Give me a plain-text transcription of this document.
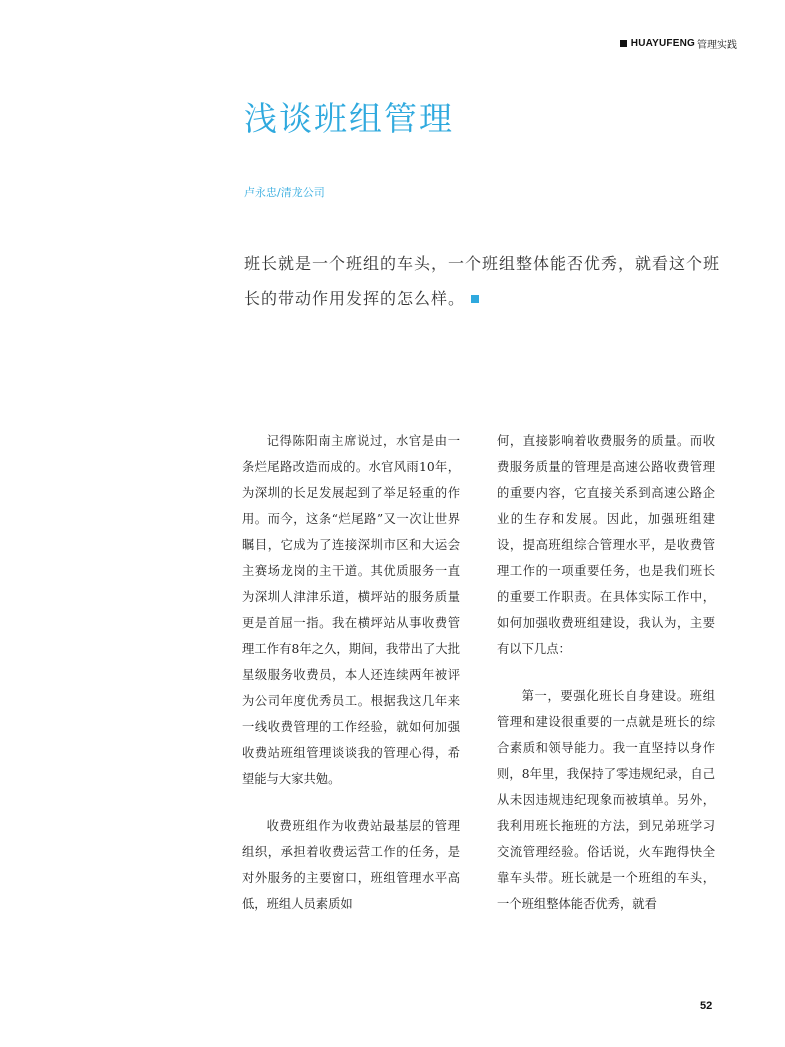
HUAYUFENG 管理实践
浅谈班组管理
卢永忠/清龙公司
班长就是一个班组的车头，一个班组整体能否优秀，就看这个班长的带动作用发挥的怎么样。

记得陈阳南主席说过，水官是由一条烂尾路改造而成的。水官风雨10年，为深圳的长足发展起到了举足轻重的作用。而今，这条“烂尾路”又一次让世界瞩目，它成为了连接深圳市区和大运会主赛场龙岗的主干道。其优质服务一直为深圳人津津乐道，横坪站的服务质量更是首屈一指。我在横坪站从事收费管理工作有8年之久，期间，我带出了大批星级服务收费员，本人还连续两年被评为公司年度优秀员工。根据我这几年来一线收费管理的工作经验，就如何加强收费站班组管理谈谈我的管理心得，希望能与大家共勉。

收费班组作为收费站最基层的管理组织，承担着收费运营工作的任务，是对外服务的主要窗口，班组管理水平高低，班组人员素质如

何，直接影响着收费服务的质量。而收费服务质量的管理是高速公路收费管理的重要内容，它直接关系到高速公路企业的生存和发展。因此，加强班组建设，提高班组综合管理水平，是收费管理工作的一项重要任务，也是我们班长的重要工作职责。在具体实际工作中，如何加强收费班组建设，我认为，主要有以下几点：

第一，要强化班长自身建设。班组管理和建设很重要的一点就是班长的综合素质和领导能力。我一直坚持以身作则，8年里，我保持了零违规纪录，自己从未因违规违纪现象而被填单。另外，我利用班长拖班的方法，到兄弟班学习交流管理经验。俗话说，火车跑得快全靠车头带。班长就是一个班组的车头，一个班组整体能否优秀，就看

52
